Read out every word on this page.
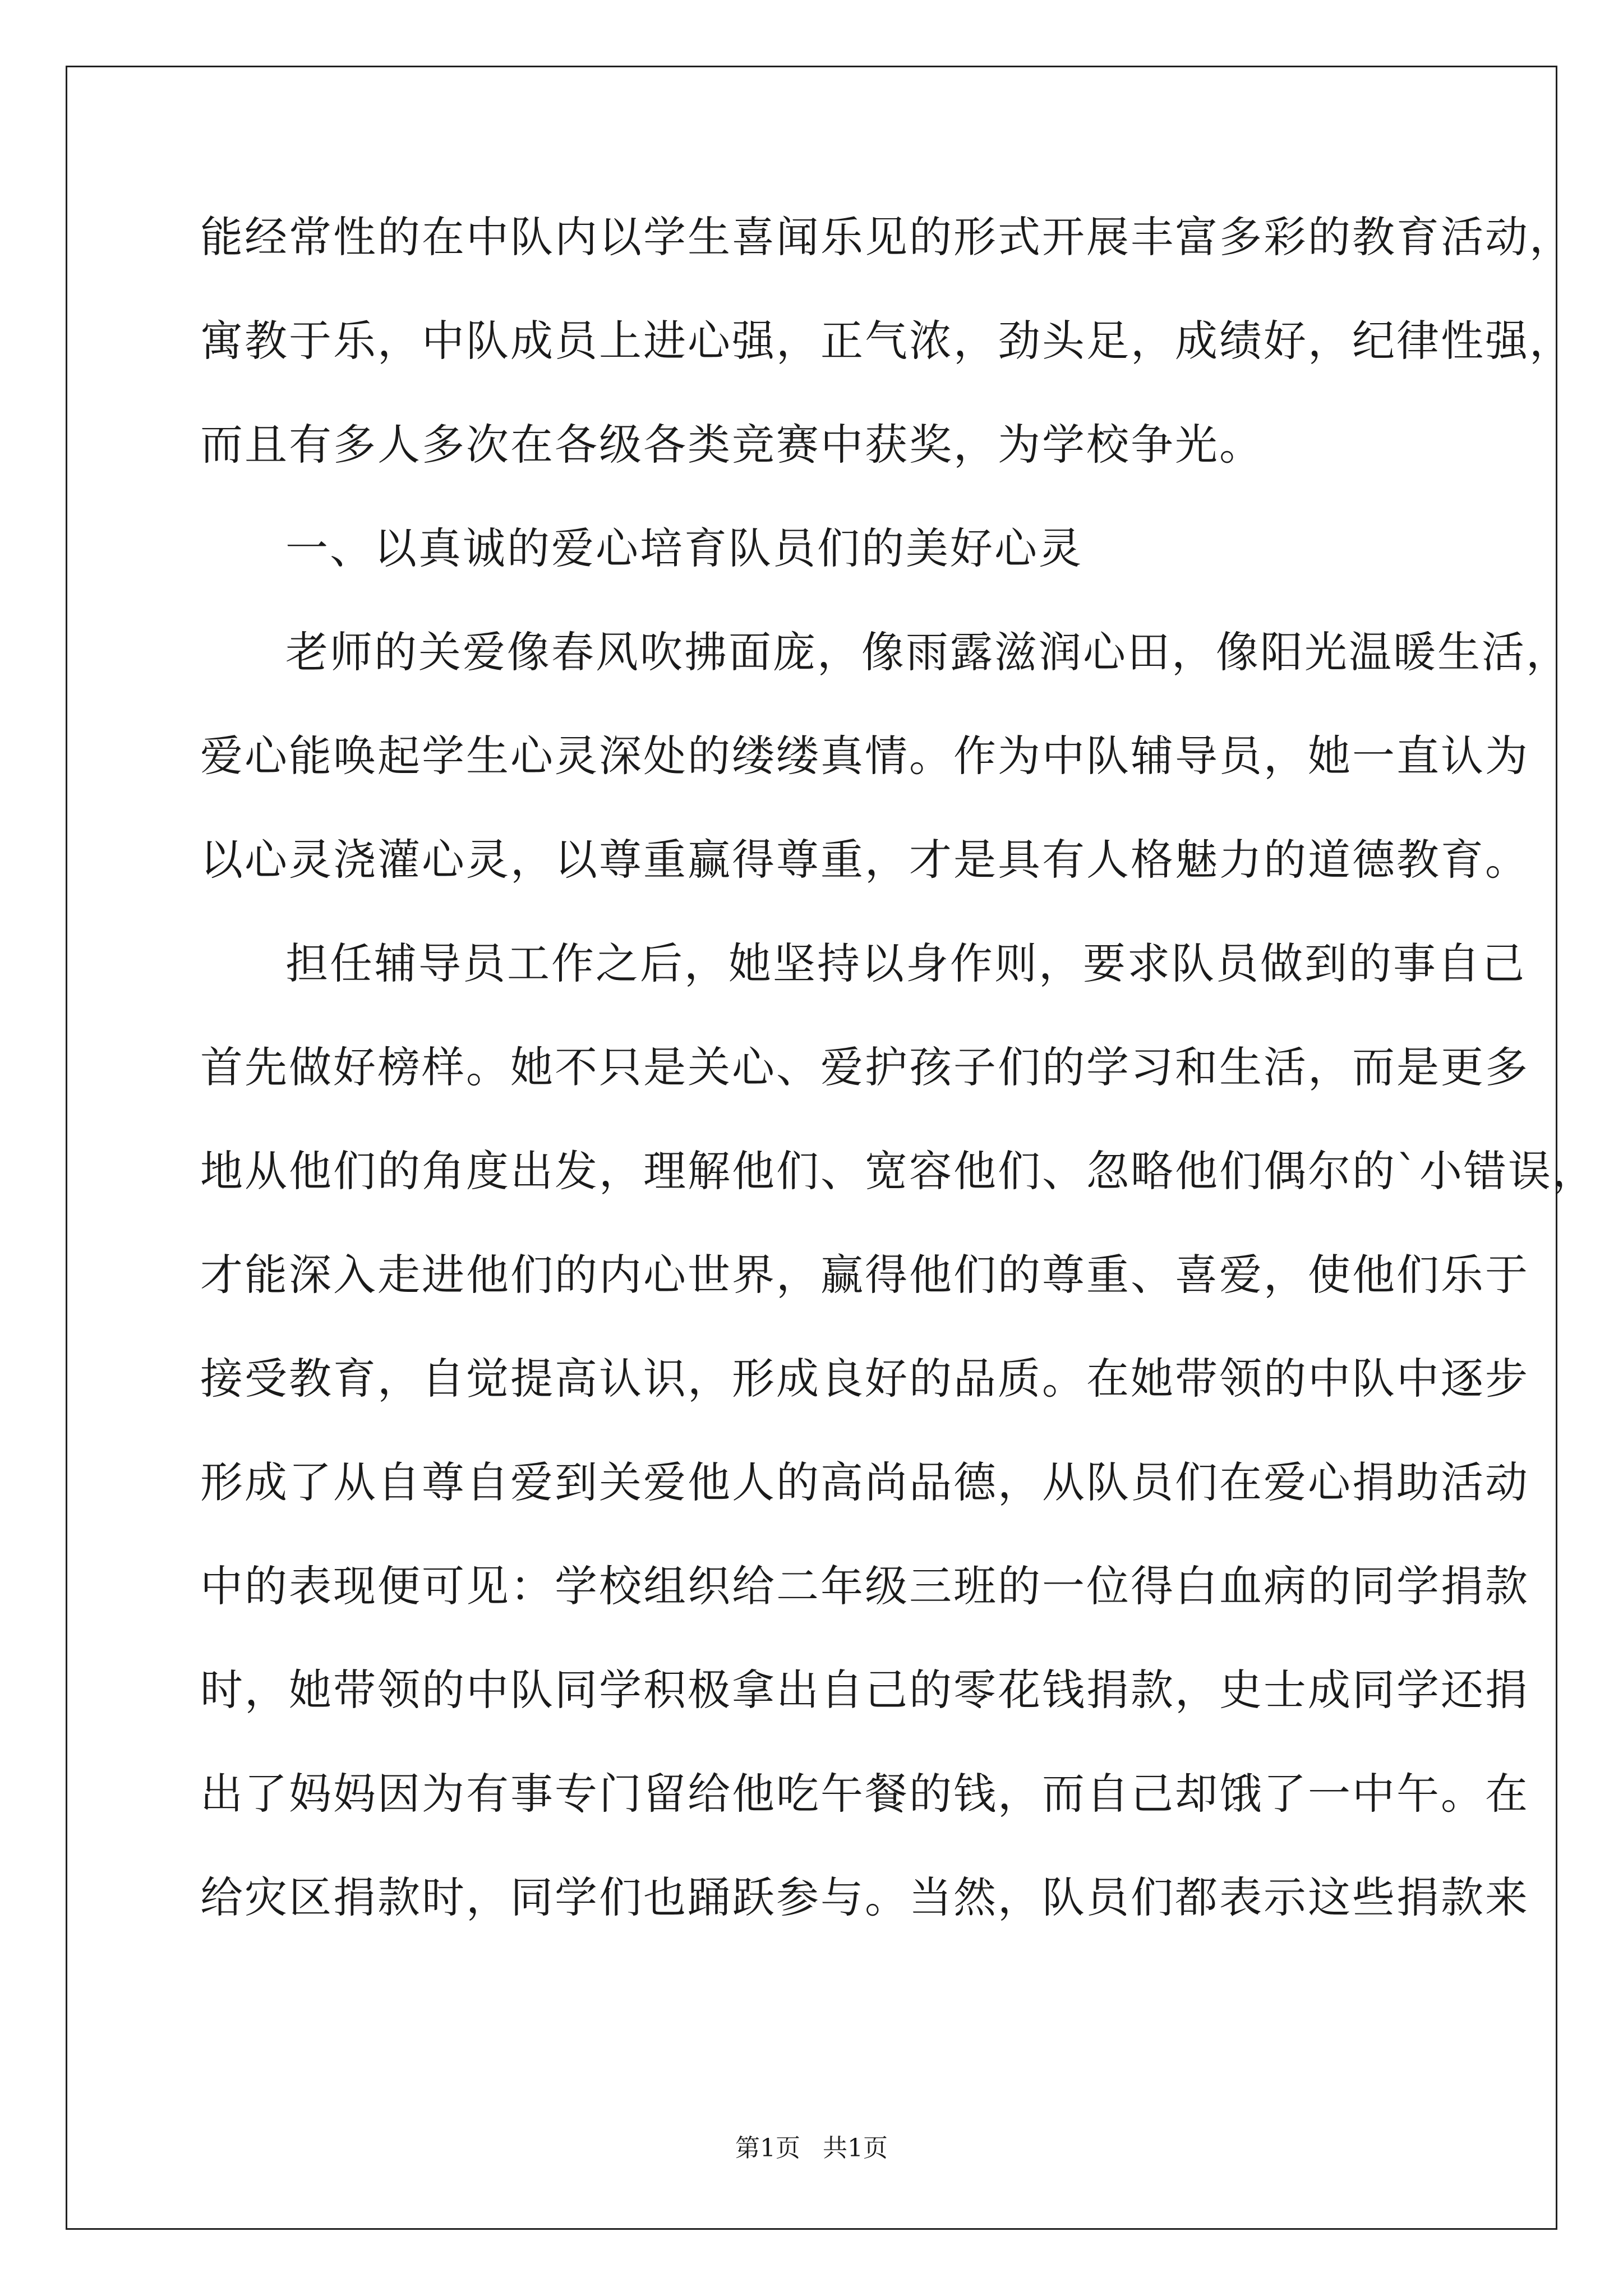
能经常性的在中队内以学生喜闻乐见的形式开展丰富多彩的教育活动，
寓教于乐，中队成员上进心强，正气浓，劲头足，成绩好，纪律性强，
而且有多人多次在各级各类竞赛中获奖，为学校争光。
一、以真诚的爱心培育队员们的美好心灵
老师的关爱像春风吹拂面庞，像雨露滋润心田，像阳光温暖生活，
爱心能唤起学生心灵深处的缕缕真情。作为中队辅导员，她一直认为
以心灵浇灌心灵，以尊重赢得尊重，才是具有人格魅力的道德教育。
担任辅导员工作之后，她坚持以身作则，要求队员做到的事自己
首先做好榜样。她不只是关心、爱护孩子们的学习和生活，而是更多
地从他们的角度出发，理解他们、宽容他们、忽略他们偶尔的`小错误，
才能深入走进他们的内心世界，赢得他们的尊重、喜爱，使他们乐于
接受教育，自觉提高认识，形成良好的品质。在她带领的中队中逐步
形成了从自尊自爱到关爱他人的高尚品德，从队员们在爱心捐助活动
中的表现便可见：学校组织给二年级三班的一位得白血病的同学捐款
时，她带领的中队同学积极拿出自己的零花钱捐款，史士成同学还捐
出了妈妈因为有事专门留给他吃午餐的钱，而自己却饿了一中午。在
给灾区捐款时，同学们也踊跃参与。当然，队员们都表示这些捐款来
第1页 共1页
